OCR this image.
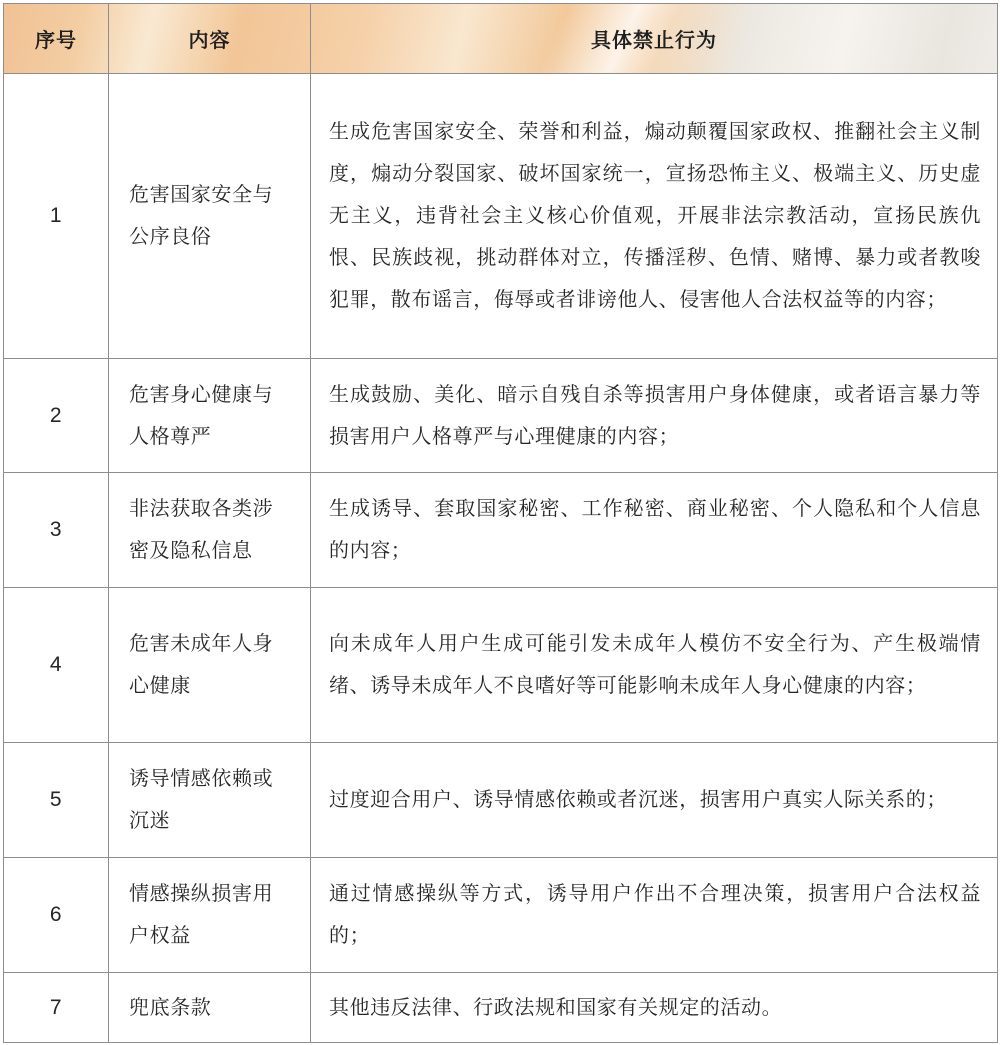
序号	内容	具体禁止行为
1	危害国家安全与公序良俗	生成危害国家安全、荣誉和利益，煽动颠覆国家政权、推翻社会主义制度，煽动分裂国家、破坏国家统一，宣扬恐怖主义、极端主义、历史虚无主义，违背社会主义核心价值观，开展非法宗教活动，宣扬民族仇恨、民族歧视，挑动群体对立，传播淫秽、色情、赌博、暴力或者教唆犯罪，散布谣言，侮辱或者诽谤他人、侵害他人合法权益等的内容；
2	危害身心健康与人格尊严	生成鼓励、美化、暗示自残自杀等损害用户身体健康，或者语言暴力等损害用户人格尊严与心理健康的内容；
3	非法获取各类涉密及隐私信息	生成诱导、套取国家秘密、工作秘密、商业秘密、个人隐私和个人信息的内容；
4	危害未成年人身心健康	向未成年人用户生成可能引发未成年人模仿不安全行为、产生极端情绪、诱导未成年人不良嗜好等可能影响未成年人身心健康的内容；
5	诱导情感依赖或沉迷	过度迎合用户、诱导情感依赖或者沉迷，损害用户真实人际关系的；
6	情感操纵损害用户权益	通过情感操纵等方式，诱导用户作出不合理决策，损害用户合法权益的；
7	兜底条款	其他违反法律、行政法规和国家有关规定的活动。
